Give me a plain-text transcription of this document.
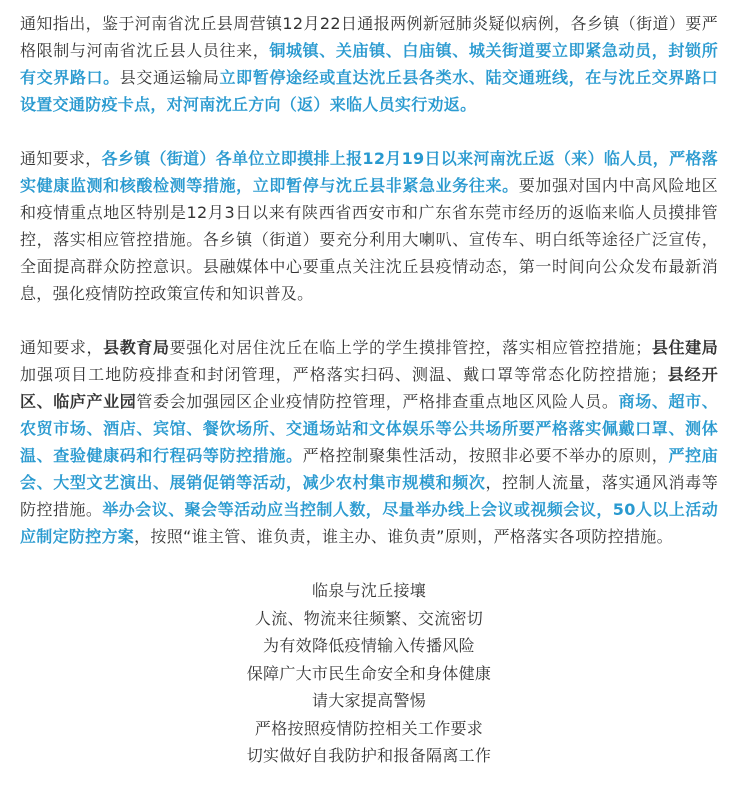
通知指出，鉴于河南省沈丘县周营镇12月22日通报两例新冠肺炎疑似病例，各乡镇（街道）要严格限制与河南省沈丘县人员往来，铜城镇、关庙镇、白庙镇、城关街道要立即紧急动员，封锁所有交界路口。县交通运输局立即暂停途经或直达沈丘县各类水、陆交通班线，在与沈丘交界路口设置交通防疫卡点，对河南沈丘方向（返）来临人员实行劝返。

通知要求，各乡镇（街道）各单位立即摸排上报12月19日以来河南沈丘返（来）临人员，严格落实健康监测和核酸检测等措施，立即暂停与沈丘县非紧急业务往来。要加强对国内中高风险地区和疫情重点地区特别是12月3日以来有陕西省西安市和广东省东莞市经历的返临来临人员摸排管控，落实相应管控措施。各乡镇（街道）要充分利用大喇叭、宣传车、明白纸等途径广泛宣传，全面提高群众防控意识。县融媒体中心要重点关注沈丘县疫情动态，第一时间向公众发布最新消息，强化疫情防控政策宣传和知识普及。

通知要求，县教育局要强化对居住沈丘在临上学的学生摸排管控，落实相应管控措施；县住建局加强项目工地防疫排查和封闭管理，严格落实扫码、测温、戴口罩等常态化防控措施；县经开区、临庐产业园管委会加强园区企业疫情防控管理，严格排查重点地区风险人员。商场、超市、农贸市场、酒店、宾馆、餐饮场所、交通场站和文体娱乐等公共场所要严格落实佩戴口罩、测体温、查验健康码和行程码等防控措施。严格控制聚集性活动，按照非必要不举办的原则，严控庙会、大型文艺演出、展销促销等活动，减少农村集市规模和频次，控制人流量，落实通风消毒等防控措施。举办会议、聚会等活动应当控制人数，尽量举办线上会议或视频会议，50人以上活动应制定防控方案，按照“谁主管、谁负责，谁主办、谁负责”原则，严格落实各项防控措施。

临泉与沈丘接壤
人流、物流来往频繁、交流密切
为有效降低疫情输入传播风险
保障广大市民生命安全和身体健康
请大家提高警惕
严格按照疫情防控相关工作要求
切实做好自我防护和报备隔离工作
